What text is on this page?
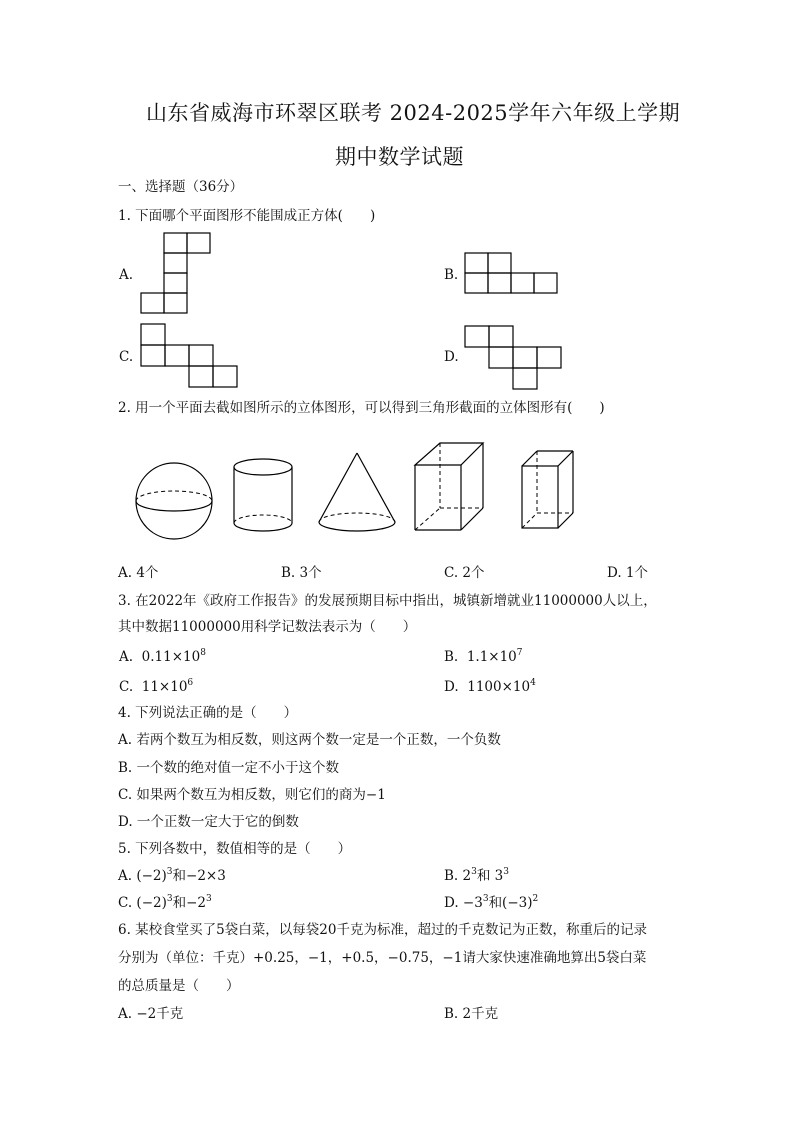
山东省威海市环翠区联考 2024-2025学年六年级上学期
期中数学试题
一、选择题（36分）
1. 下面哪个平面图形不能围成正方体(　　)
A.	B.
C.	D.
2. 用一个平面去截如图所示的立体图形，可以得到三角形截面的立体图形有(　　)
A. 4个	B. 3个	C. 2个	D. 1个
3. 在2022年《政府工作报告》的发展预期目标中指出，城镇新增就业11000000人以上，
其中数据11000000用科学记数法表示为（　　）
A. $0.11\times 10^8$	B. $1.1\times 10^7$
C. $11\times 10^6$	D. $1100\times 10^4$
4. 下列说法正确的是（　　）
A. 若两个数互为相反数，则这两个数一定是一个正数，一个负数
B. 一个数的绝对值一定不小于这个数
C. 如果两个数互为相反数，则它们的商为−1
D. 一个正数一定大于它的倒数
5. 下列各数中，数值相等的是（　　）
A. $(-2)^3$和−2×3	B. $2^3$和 $3^3$
C. $(-2)^3$和$-2^3$	D. $-3^3$和$(-3)^2$
6. 某校食堂买了5袋白菜，以每袋20千克为标准，超过的千克数记为正数，称重后的记录
分别为（单位：千克）+0.25，−1，+0.5，−0.75，−1请大家快速准确地算出5袋白菜
的总质量是（　　）
A. −2千克	B. 2千克
